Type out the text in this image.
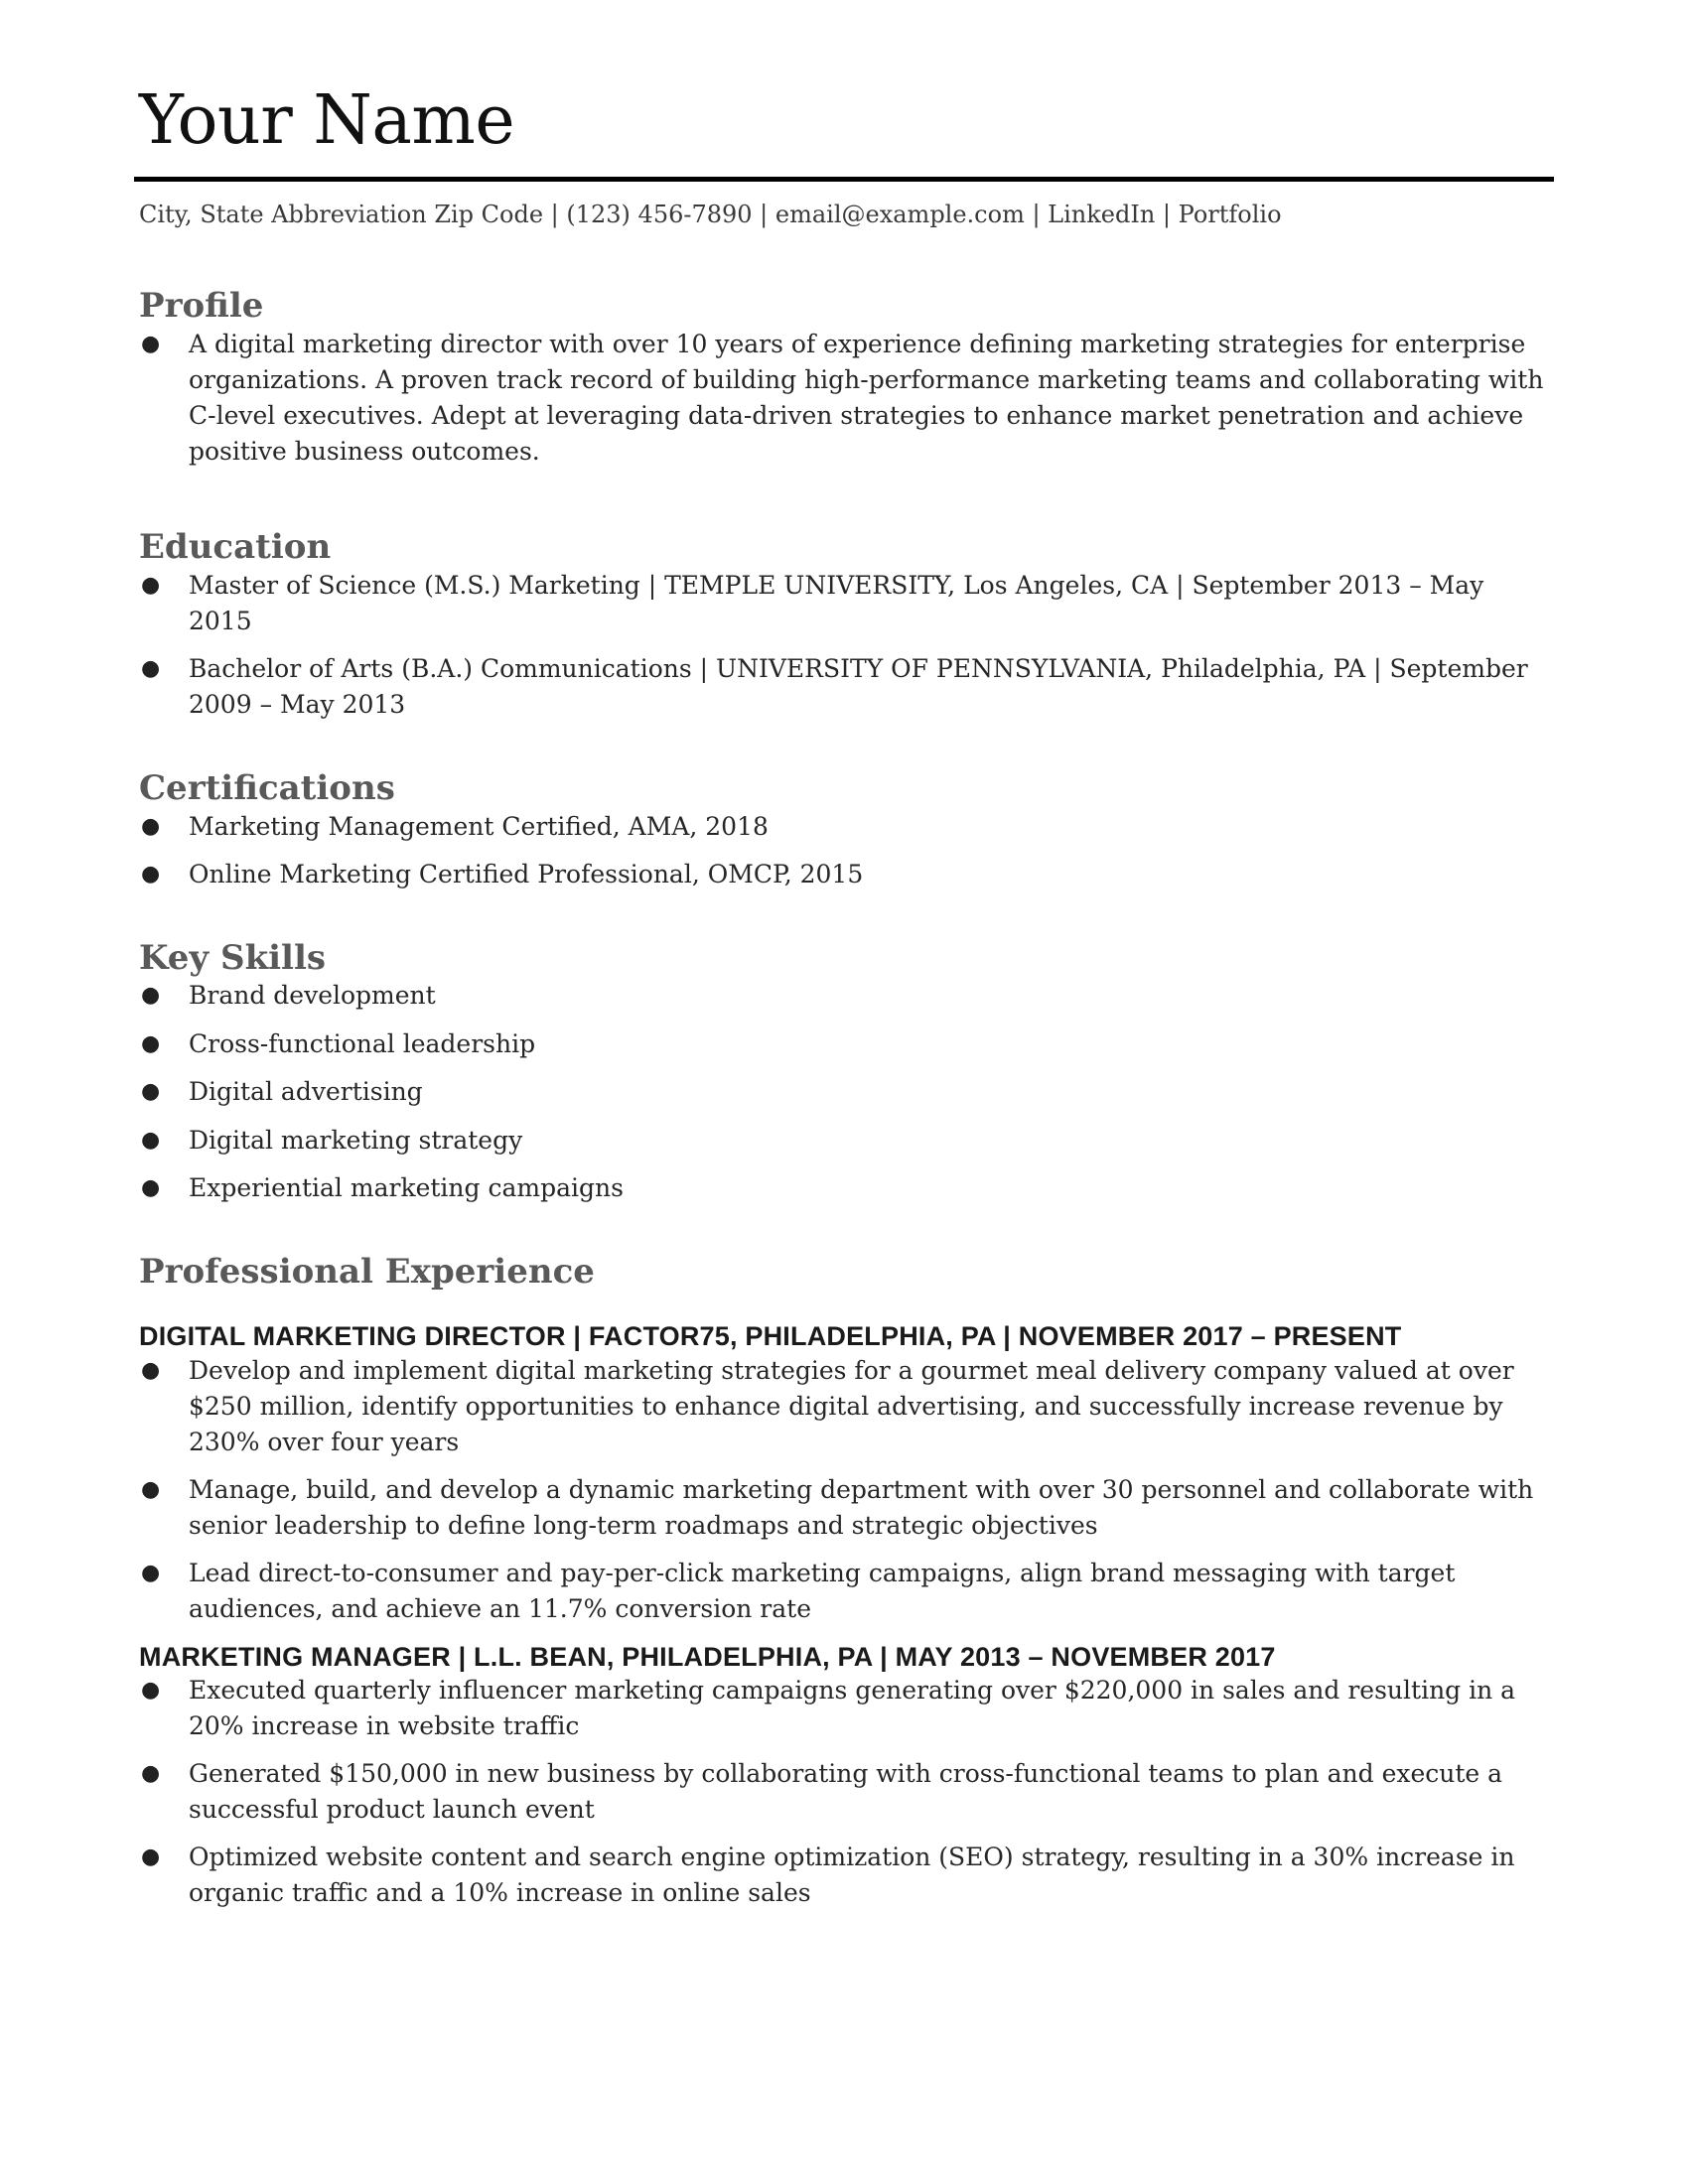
Your Name
City, State Abbreviation Zip Code | (123) 456-7890 | email@example.com | LinkedIn | Portfolio
Profile
● A digital marketing director with over 10 years of experience defining marketing strategies for enterprise organizations. A proven track record of building high-performance marketing teams and collaborating with C-level executives. Adept at leveraging data-driven strategies to enhance market penetration and achieve positive business outcomes.
Education
● Master of Science (M.S.) Marketing | TEMPLE UNIVERSITY, Los Angeles, CA | September 2013 – May 2015
● Bachelor of Arts (B.A.) Communications | UNIVERSITY OF PENNSYLVANIA, Philadelphia, PA | September 2009 – May 2013
Certifications
● Marketing Management Certified, AMA, 2018
● Online Marketing Certified Professional, OMCP, 2015
Key Skills
● Brand development
● Cross-functional leadership
● Digital advertising
● Digital marketing strategy
● Experiential marketing campaigns
Professional Experience
DIGITAL MARKETING DIRECTOR | FACTOR75, PHILADELPHIA, PA | NOVEMBER 2017 – PRESENT
● Develop and implement digital marketing strategies for a gourmet meal delivery company valued at over $250 million, identify opportunities to enhance digital advertising, and successfully increase revenue by 230% over four years
● Manage, build, and develop a dynamic marketing department with over 30 personnel and collaborate with senior leadership to define long-term roadmaps and strategic objectives
● Lead direct-to-consumer and pay-per-click marketing campaigns, align brand messaging with target audiences, and achieve an 11.7% conversion rate
MARKETING MANAGER | L.L. BEAN, PHILADELPHIA, PA | MAY 2013 – NOVEMBER 2017
● Executed quarterly influencer marketing campaigns generating over $220,000 in sales and resulting in a 20% increase in website traffic
● Generated $150,000 in new business by collaborating with cross-functional teams to plan and execute a successful product launch event
● Optimized website content and search engine optimization (SEO) strategy, resulting in a 30% increase in organic traffic and a 10% increase in online sales
